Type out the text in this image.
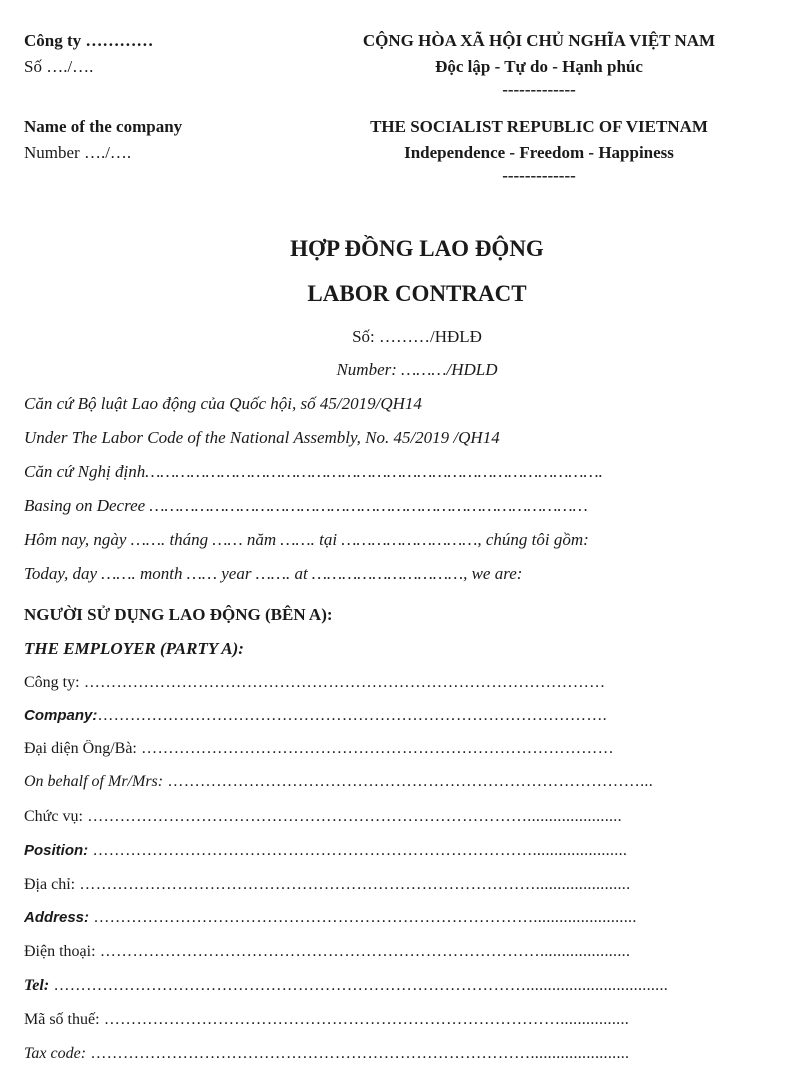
Công ty …………
Số …./….
CỘNG HÒA XÃ HỘI CHỦ NGHĨA VIỆT NAM
Độc lập - Tự do - Hạnh phúc
-------------
Name of the company
Number …./….
THE SOCIALIST REPUBLIC OF VIETNAM
Independence - Freedom - Happiness
-------------
HỢP ĐỒNG LAO ĐỘNG
LABOR CONTRACT
Số: ………/HĐLĐ
Number: ………/HDLD
Căn cứ Bộ luật Lao động của Quốc hội, số 45/2019/QH14
Under The Labor Code of the National Assembly, No. 45/2019 /QH14
Căn cứ Nghị định……………………………………………………………………………….
Basing on Decree ……………………………………………………………………………
Hôm nay, ngày ……. tháng …… năm ……. tại ………………………, chúng tôi gồm:
Today, day ……. month …… year ……. at …………………………, we are:
NGƯỜI SỬ DỤNG LAO ĐỘNG (BÊN A):
THE EMPLOYER (PARTY A):
Công ty: ……………………………………………………………………………………
Company:………………………………………………………………………………….
Đại diện Ông/Bà: ……………………………………………………………………………
On behalf of Mr/Mrs: ……………………………………………………………………………...
Chức vụ: ………………………………………………………………………......................
Position: ………………………………………………………………………......................
Địa chỉ: …………………………………………………………………………......................
Address: ………………………………………………………………………........................
Điện thoại: ……………………………………………………………………….....................
Tel: …………………………………………………………………………….................................
Mã số thuế: …………………………………………………………………………................
Tax code: ……………………………………………………………………….......................
